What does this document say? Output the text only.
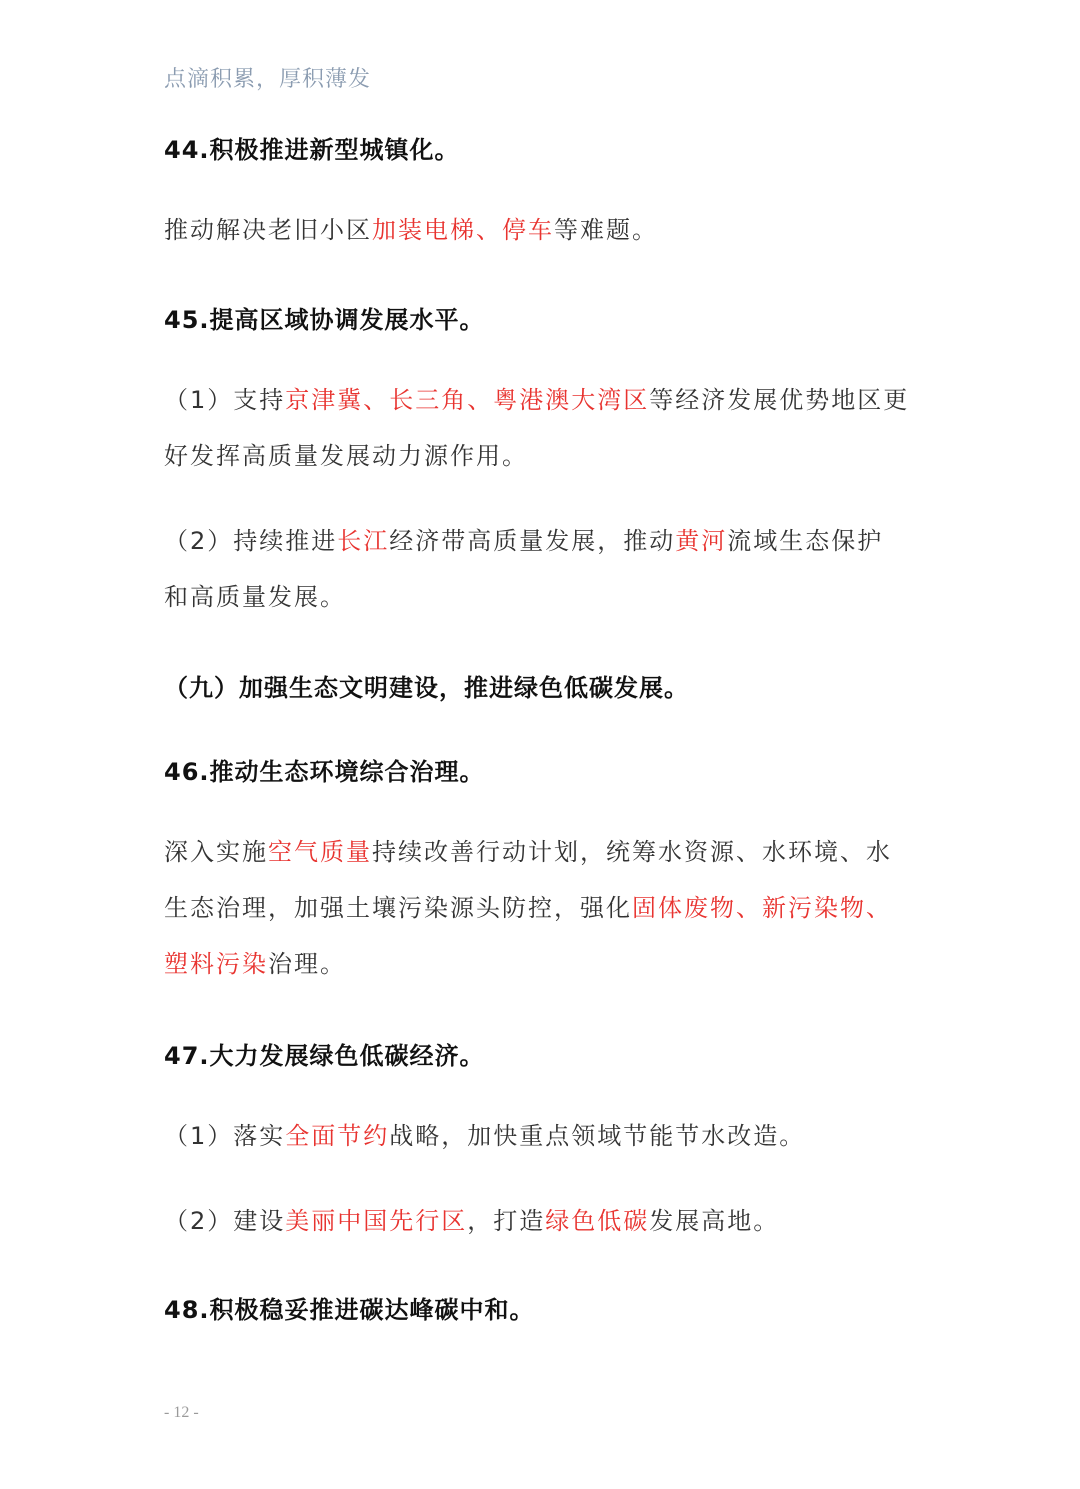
点滴积累，厚积薄发
44.积极推进新型城镇化。
推动解决老旧小区加装电梯、停车等难题。
45.提高区域协调发展水平。
（1）支持京津冀、长三角、粤港澳大湾区等经济发展优势地区更
好发挥高质量发展动力源作用。
（2）持续推进长江经济带高质量发展，推动黄河流域生态保护
和高质量发展。
（九）加强生态文明建设，推进绿色低碳发展。
46.推动生态环境综合治理。
深入实施空气质量持续改善行动计划，统筹水资源、水环境、水
生态治理，加强土壤污染源头防控，强化固体废物、新污染物、
塑料污染治理。
47.大力发展绿色低碳经济。
（1）落实全面节约战略，加快重点领域节能节水改造。
（2）建设美丽中国先行区，打造绿色低碳发展高地。
48.积极稳妥推进碳达峰碳中和。
- 12 -
